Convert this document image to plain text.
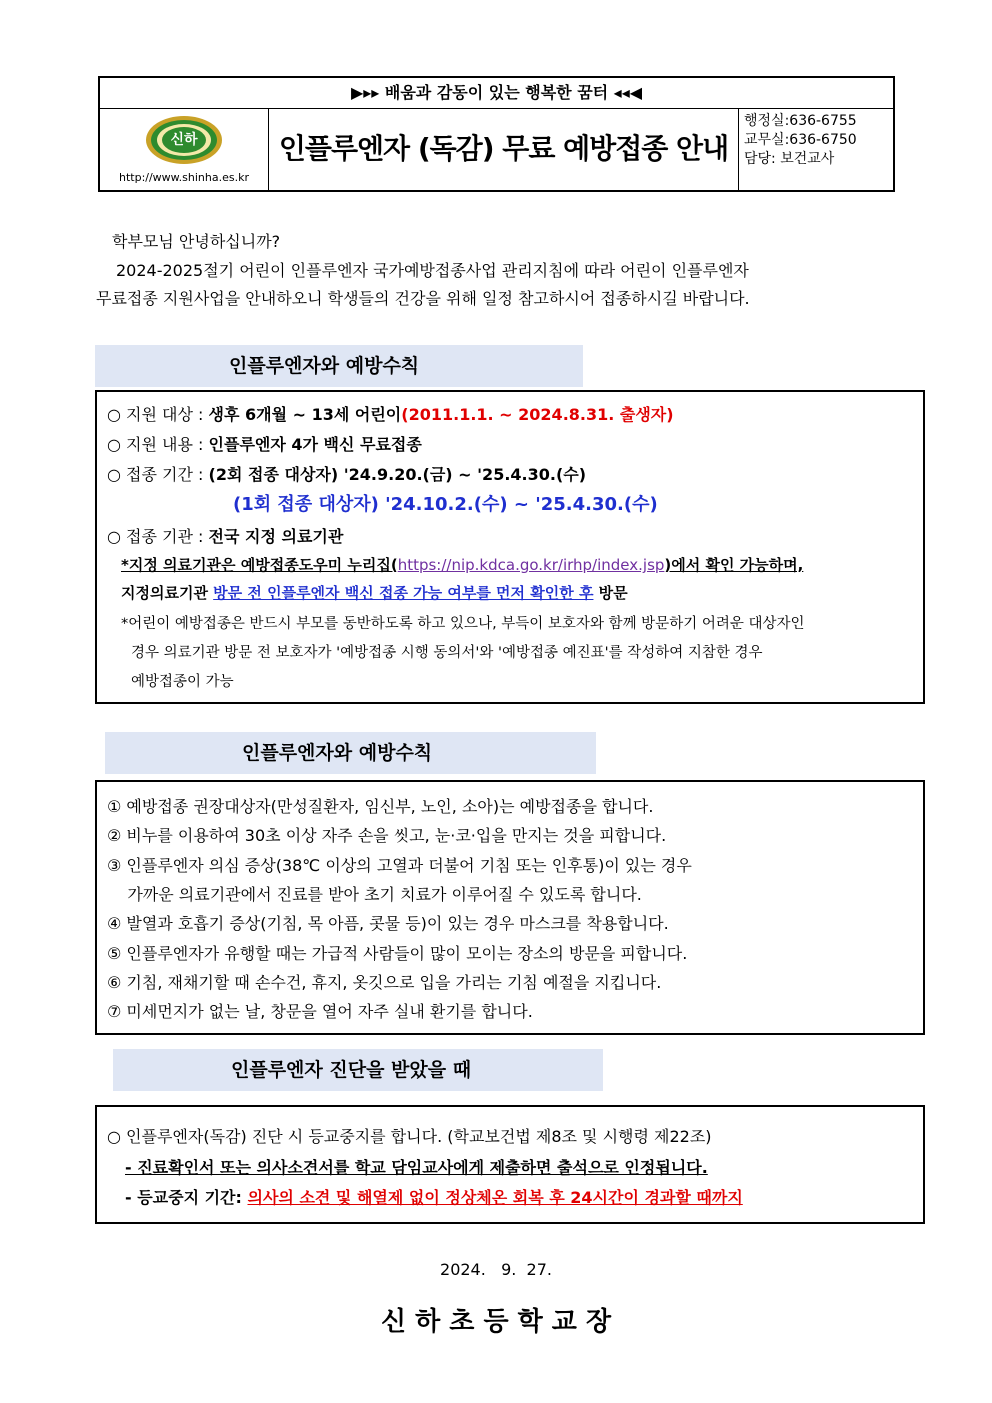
▶▸▸ 배움과 감동이 있는 행복한 꿈터 ◂◂◀
신하
http://www.shinha.es.kr
인플루엔자 (독감) 무료 예방접종 안내
행정실:636-6755
교무실:636-6750
담당: 보건교사
학부모님 안녕하십니까?
2024-2025절기 어린이 인플루엔자 국가예방접종사업 관리지침에 따라 어린이 인플루엔자
무료접종 지원사업을 안내하오니 학생들의 건강을 위해 일정 참고하시어 접종하시길 바랍니다.
인플루엔자와 예방수칙
○ 지원 대상 : 생후 6개월 ~ 13세 어린이(2011.1.1. ~ 2024.8.31. 출생자)
○ 지원 내용 : 인플루엔자 4가 백신 무료접종
○ 접종 기간 : (2회 접종 대상자) '24.9.20.(금) ~ '25.4.30.(수)
(1회 접종 대상자) '24.10.2.(수) ~ '25.4.30.(수)
○ 접종 기관 : 전국 지정 의료기관
*지정 의료기관은 예방접종도우미 누리집(https://nip.kdca.go.kr/irhp/index.jsp)에서 확인 가능하며,
지정의료기관 방문 전 인플루엔자 백신 접종 가능 여부를 먼저 확인한 후 방문
*어린이 예방접종은 반드시 부모를 동반하도록 하고 있으나, 부득이 보호자와 함께 방문하기 어려운 대상자인
경우 의료기관 방문 전 보호자가 '예방접종 시행 동의서'와 '예방접종 예진표'를 작성하여 지참한 경우
예방접종이 가능
인플루엔자와 예방수칙
① 예방접종 권장대상자(만성질환자, 임신부, 노인, 소아)는 예방접종을 합니다.
② 비누를 이용하여 30초 이상 자주 손을 씻고, 눈·코·입을 만지는 것을 피합니다.
③ 인플루엔자 의심 증상(38℃ 이상의 고열과 더불어 기침 또는 인후통)이 있는 경우
가까운 의료기관에서 진료를 받아 초기 치료가 이루어질 수 있도록 합니다.
④ 발열과 호흡기 증상(기침, 목 아픔, 콧물 등)이 있는 경우 마스크를 착용합니다.
⑤ 인플루엔자가 유행할 때는 가급적 사람들이 많이 모이는 장소의 방문을 피합니다.
⑥ 기침, 재채기할 때 손수건, 휴지, 옷깃으로 입을 가리는 기침 예절을 지킵니다.
⑦ 미세먼지가 없는 날, 창문을 열어 자주 실내 환기를 합니다.
인플루엔자 진단을 받았을 때
○ 인플루엔자(독감) 진단 시 등교중지를 합니다. (학교보건법 제8조 및 시행령 제22조)
- 진료확인서 또는 의사소견서를 학교 담임교사에게 제출하면 출석으로 인정됩니다.
- 등교중지 기간: 의사의 소견 및 해열제 없이 정상체온 회복 후 24시간이 경과할 때까지
2024.   9.  27.
신 하 초 등 학 교 장
